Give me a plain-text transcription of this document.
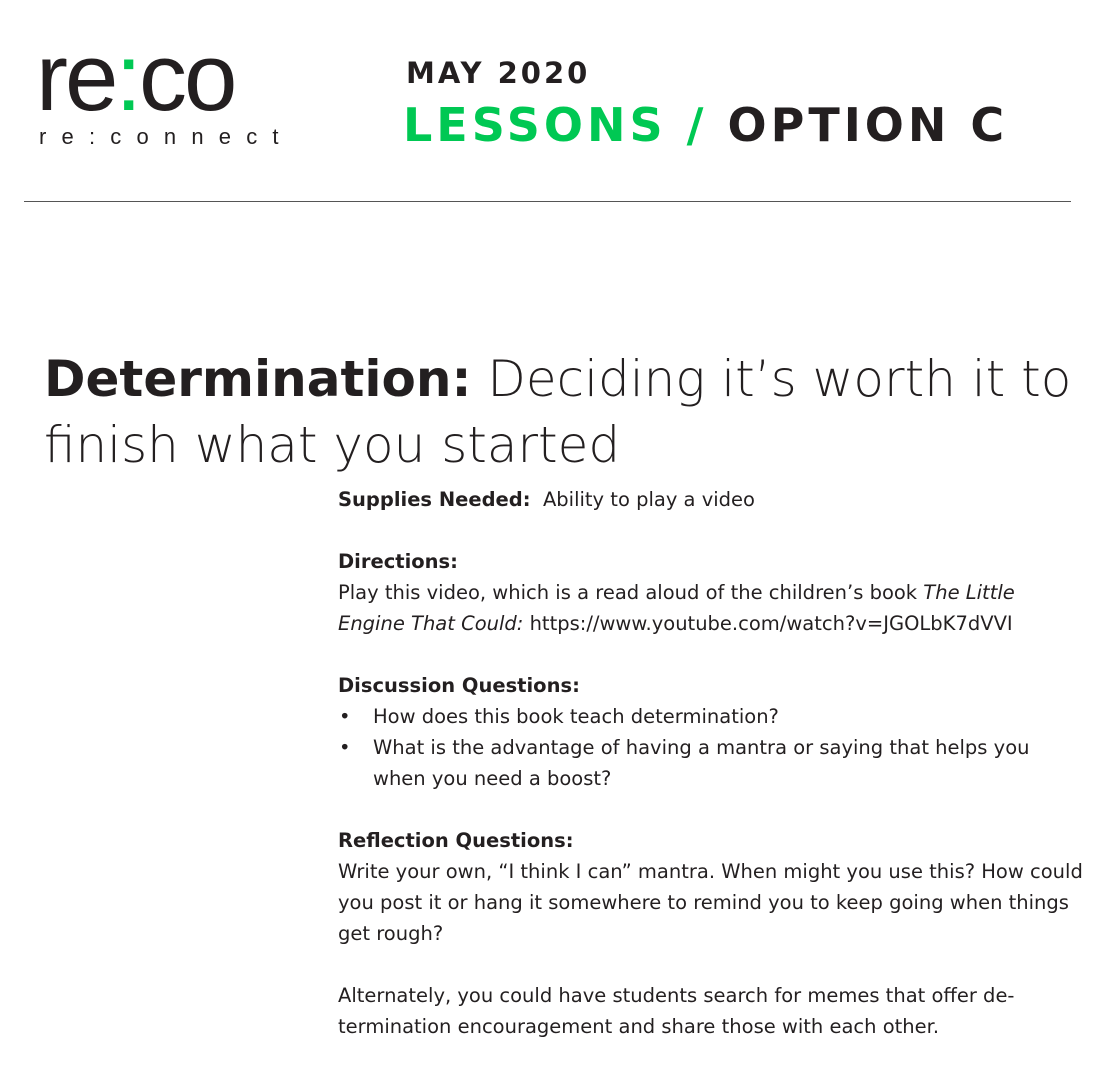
re:co
re:connect
MAY 2020
LESSONS / OPTION C
Determination: Deciding it’s worth it to finish what you started

Supplies Needed:  Ability to play a video

Directions:

Play this video, which is a read aloud of the children’s book The Little Engine That Could: https://www.youtube.com/watch?v=JGOLbK7dVVI

Discussion Questions:

• How does this book teach determination?
• What is the advantage of having a mantra or saying that helps you when you need a boost?

Reflection Questions:

Write your own, “I think I can” mantra. When might you use this? How could you post it or hang it somewhere to remind you to keep going when things get rough?

Alternately, you could have students search for memes that offer de-termination encouragement and share those with each other.
